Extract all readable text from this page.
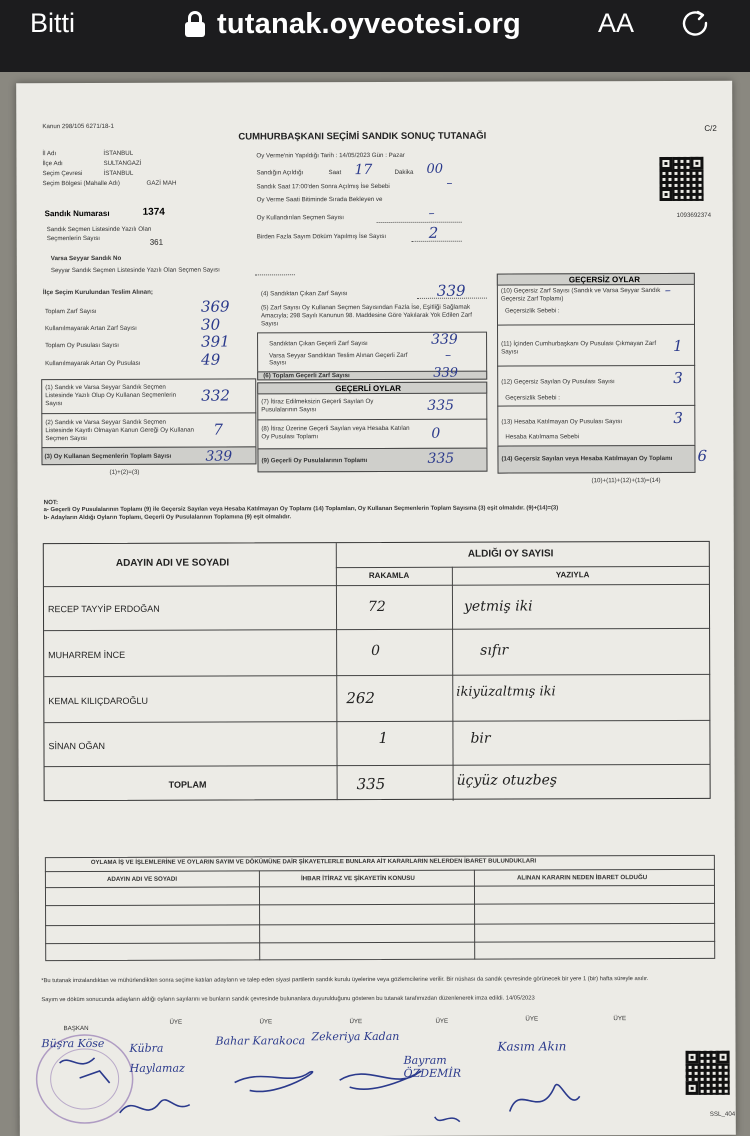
Bitti	tutanak.oyveotesi.org	AA
Kanun 298/105 6271/18-1
CUMHURBAŞKANI SEÇİMİ SANDIK SONUÇ TUTANAĞI
C/2
1093692374
İl Adı	İSTANBUL
İlçe Adı	SULTANGAZİ
Seçim Çevresi	İSTANBUL
Seçim Bölgesi (Mahalle Adı)	GAZİ MAH
Oy Verme'nin Yapıldığı Tarih : 14/05/2023 Gün : Pazar
Sandığın Açıldığı	Saat 17	Dakika 00
Sandık Saat 17:00'den Sonra Açılmış İse Sebebi	–
Oy Verme Saati Bitiminde Sırada Bekleyen ve
Oy Kullandırılan Seçmen Sayısı	–
Birden Fazla Sayım Döküm Yapılmış İse Sayısı	2
Sandık Numarası	1374
Sandık Seçmen Listesinde Yazılı Olan Seçmenlerin Sayısı	361
Varsa Seyyar Sandık No
Seyyar Sandık Seçmen Listesinde Yazılı Olan Seçmen Sayısı
İlçe Seçim Kurulundan Teslim Alınan;
Toplam Zarf Sayısı	369
Kullanılmayarak Artan Zarf Sayısı	30
Toplam Oy Pusulası Sayısı	391
Kullanılmayarak Artan Oy Pusulası	49
(1) Sandık ve Varsa Seyyar Sandık Seçmen Listesinde Yazılı Olup Oy Kullanan Seçmenlerin Sayısı	332
(2) Sandık ve Varsa Seyyar Sandık Seçmen Listesinde Kayıtlı Olmayan Kanun Gereği Oy Kullanan Seçmen Sayısı
7
(3) Oy Kullanan Seçmenlerin Toplam Sayısı 339
(1)+(2)=(3)
(4) Sandıktan Çıkan Zarf Sayısı	339
(5) Zarf Sayısı Oy Kullanan Seçmen Sayısından Fazla İse, Eşitliği Sağlamak Amacıyla; 298 Sayılı Kanunun 98. Maddesine Göre Yakılarak Yok Edilen Zarf Sayısı
Sandıktan Çıkan Geçerli Zarf Sayısı	339
Varsa Seyyar Sandıktan Teslim Alınan Geçerli Zarf Sayısı
–
(6) Toplam Geçerli Zarf Sayısı	339
GEÇERLİ OYLAR
(7) İtiraz Edilmeksizin Geçerli Sayılan Oy Pusulalarının Sayısı	335
(8) İtiraz Üzerine Geçerli Sayılan veya Hesaba Katılan Oy Pusulası Toplamı	0
(9) Geçerli Oy Pusulalarının Toplamı	335
GEÇERSİZ OYLAR
(10) Geçersiz Zarf Sayısı (Sandık ve Varsa Seyyar Sandık Geçersiz Zarf Toplamı)
–
Geçersizlik Sebebi :
(11) İçinden Cumhurbaşkanı Oy Pusulası Çıkmayan Zarf Sayısı	1
(12) Geçersiz Sayılan Oy Pusulası Sayısı	3
Geçersizlik Sebebi :
(13) Hesaba Katılmayan Oy Pusulası Sayısı	3
Hesaba Katılmama Sebebi
(14) Geçersiz Sayılan veya Hesaba Katılmayan Oy Toplamı 6
(10)+(11)+(12)+(13)=(14)
NOT:
a- Geçerli Oy Pusulalarının Toplamı (9) ile Geçersiz Sayılan veya Hesaba Katılmayan Oy Toplamı (14) Toplamları, Oy Kullanan Seçmenlerin Toplam Sayısına (3) eşit olmalıdır. (9)+(14)=(3)
b- Adayların Aldığı Oyların Toplamı, Geçerli Oy Pusulalarının Toplamına (9) eşit olmalıdır.
ADAYIN ADI VE SOYADI
ALDIĞI OY SAYISI
RAKAMLA	YAZIYLA
RECEP TAYYİP ERDOĞAN	72	yetmiş iki
MUHARREM İNCE	0	sıfır
KEMAL KILIÇDAROĞLU	262	ikiyüzaltmış iki
SİNAN OĞAN	1	bir
TOPLAM	335	üçyüz otuzbeş
OYLAMA İŞ VE İŞLEMLERİNE VE OYLARIN SAYIM VE DÖKÜMÜNE DAİR ŞİKAYETLERLE BUNLARA AİT KARARLARIN NELERDEN İBARET BULUNDUKLARI
ADAYIN ADI VE SOYADI	İHBAR İTİRAZ VE ŞİKAYETİN KONUSU	ALINAN KARARIN NEDEN İBARET OLDUĞU
*Bu tutanak imzalandıktan ve mühürlendikten sonra seçime katılan adayların ve talep eden siyasi partilerin sandık kurulu üyelerine veya gözlemcilerine verilir. Bir nüshası da sandık çevresinde görünecek bir yere 1 (bir) hafta süreyle asılır.
Sayım ve döküm sonucunda adayların aldığı oyların sayılarını ve bunların sandık çevresinde bulunanlara duyurulduğunu gösteren bu tutanak tarafımızdan düzenlenerek imza edildi. 14/05/2023
BAŞKAN
ÜYE	ÜYE	ÜYE	ÜYE	ÜYE	ÜYE
Büşra Köse Kübra Haylamaz
Bahar Karakoca Zekeriya Kadan
Bayram ÖZDEMİR
Kasım Akın
SSL_404
